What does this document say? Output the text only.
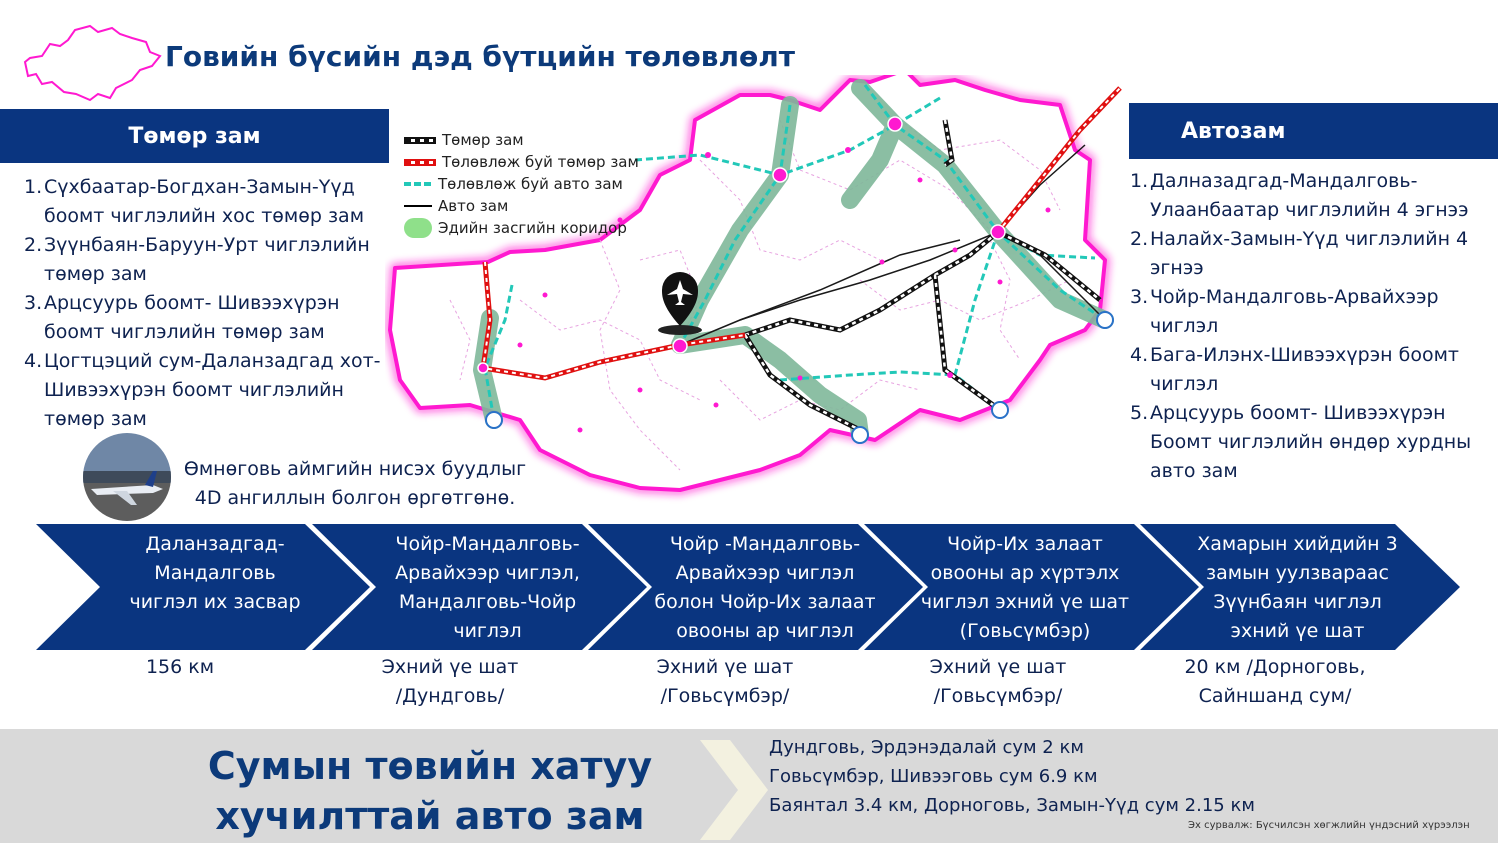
Говийн бүсийн дэд бүтцийн төлөвлөлт
Төмөр зам
1. Сүхбаатар-Богдхан-Замын-Үүд боомт чиглэлийн хос төмөр зам
2. Зүүнбаян-Баруун-Урт чиглэлийн төмөр зам
3. Арцсуурь боомт- Шивээхүрэн боомт чиглэлийн төмөр зам
4. Цогтцэций сум-Даланзадгад хот-Шивээхүрэн боомт чиглэлийн төмөр зам
Өмнөговь аймгийн нисэх буудлыг
4D ангиллын болгон өргөтгөнө.
Төмөр зам
Төлөвлөж буй төмөр зам
Төлөвлөж буй авто зам
Авто зам
Эдийн засгийн коридор
Автозам
1. Далназадгад-Мандалговь-Улаанбаатар чиглэлийн 4 эгнээ
2. Налайх-Замын-Үүд чиглэлийн 4 эгнээ
3. Чойр-Мандалговь-Арвайхээр чиглэл
4. Бага-Илэнх-Шивээхүрэн боомт чиглэл
5. Арцсуурь боомт- Шивээхүрэн Боомт чиглэлийн өндөр хурдны авто зам
Даланзадгад-
Мандалговь
чиглэл их засвар
Чойр-Мандалговь-
Арвайхээр чиглэл,
Мандалговь-Чойр
чиглэл
Чойр -Мандалговь-
Арвайхээр чиглэл
болон Чойр-Их залаат
овооны ар чиглэл
Чойр-Их залаат
овооны ар хүртэлх
чиглэл эхний үе шат
(Говьсүмбэр)
Хамарын хийдийн 3
замын уулзвараас
Зүүнбаян чиглэл
эхний үе шат
156 км	Эхний үе шат
/Дундговь/
Эхний үе шат
/Говьсүмбэр/
Эхний үе шат
/Говьсүмбэр/
20 км /Дорноговь,
Сайншанд сум/
Сумын төвийн хатуу
хучилттай авто зам
Дундговь, Эрдэнэдалай сум 2 км
Говьсүмбэр, Шивээговь сум 6.9 км
Баянтал 3.4 км, Дорноговь, Замын-Үүд сум 2.15 км
Эх сурвалж: Бүсчилсэн хөгжлийн үндэсний хүрээлэн
